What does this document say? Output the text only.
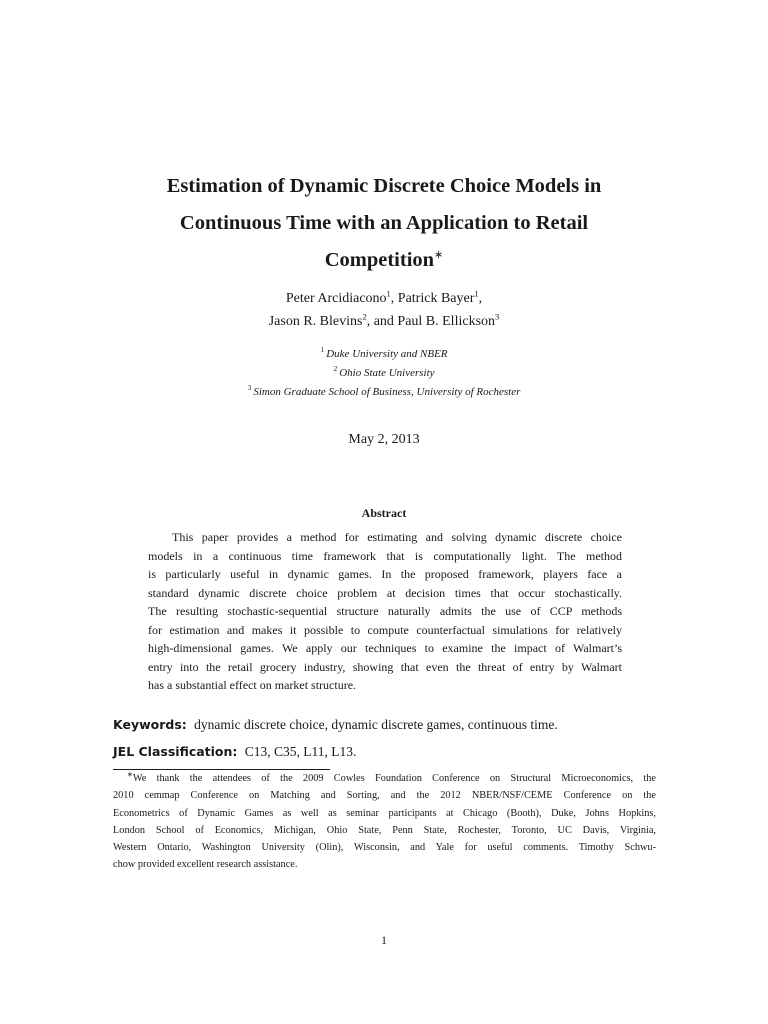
Estimation of Dynamic Discrete Choice Models in
Continuous Time with an Application to Retail
Competition∗
Peter Arcidiacono$^1$, Patrick Bayer$^1$,
Jason R. Blevins$^2$, and Paul B. Ellickson$^3$
$^1$ Duke University and NBER
$^2$ Ohio State University
$^3$ Simon Graduate School of Business, University of Rochester
May 2, 2013
Abstract
This paper provides a method for estimating and solving dynamic discrete choice
models in a continuous time framework that is computationally light. The method
is particularly useful in dynamic games. In the proposed framework, players face a
standard dynamic discrete choice problem at decision times that occur stochastically.
The resulting stochastic-sequential structure naturally admits the use of CCP methods
for estimation and makes it possible to compute counterfactual simulations for relatively
high-dimensional games. We apply our techniques to examine the impact of Walmart’s
entry into the retail grocery industry, showing that even the threat of entry by Walmart
has a substantial effect on market structure.
Keywords: dynamic discrete choice, dynamic discrete games, continuous time.
JEL Classification: C13, C35, L11, L13.
∗We thank the attendees of the 2009 Cowles Foundation Conference on Structural Microeconomics, the
2010 cemmap Conference on Matching and Sorting, and the 2012 NBER/NSF/CEME Conference on the
Econometrics of Dynamic Games as well as seminar participants at Chicago (Booth), Duke, Johns Hopkins,
London School of Economics, Michigan, Ohio State, Penn State, Rochester, Toronto, UC Davis, Virginia,
Western Ontario, Washington University (Olin), Wisconsin, and Yale for useful comments. Timothy Schwu-
chow provided excellent research assistance.
1
